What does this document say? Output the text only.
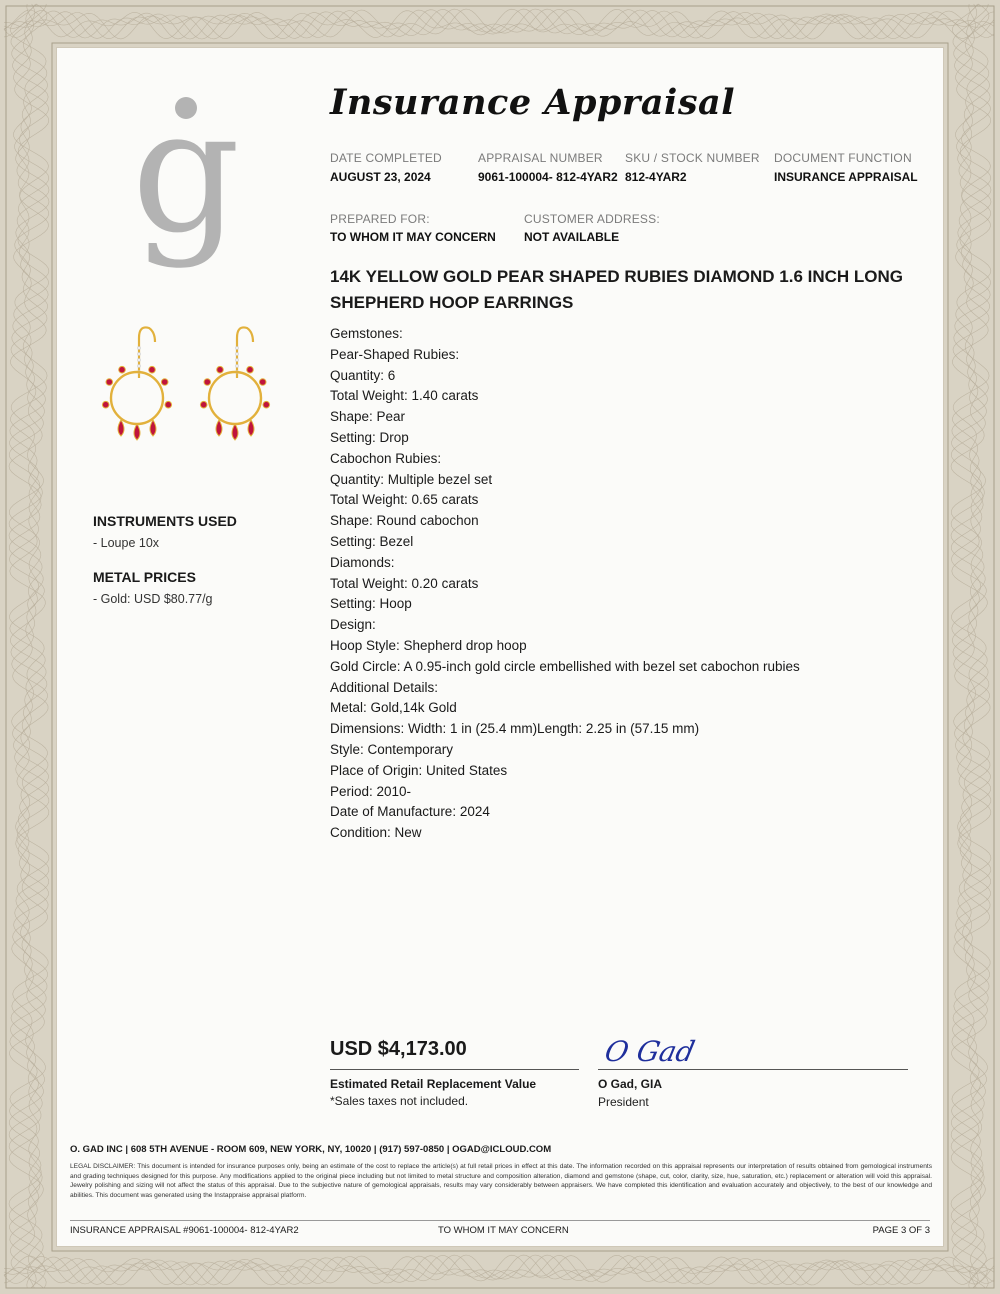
g	Insurance Appraisal
DATE COMPLETED
AUGUST 23, 2024
APPRAISAL NUMBER
9061-100004- 812-4YAR2
SKU / STOCK NUMBER
812-4YAR2
DOCUMENT FUNCTION
INSURANCE APPRAISAL
PREPARED FOR:
TO WHOM IT MAY CONCERN
CUSTOMER ADDRESS:
NOT AVAILABLE
14K YELLOW GOLD PEAR SHAPED RUBIES DIAMOND 1.6 INCH LONG SHEPHERD HOOP EARRINGS
Gemstones:
Pear-Shaped Rubies:
Quantity: 6
Total Weight: 1.40 carats
Shape: Pear
Setting: Drop
Cabochon Rubies:
Quantity: Multiple bezel set
Total Weight: 0.65 carats
Shape: Round cabochon
Setting: Bezel
Diamonds:
Total Weight: 0.20 carats
Setting: Hoop
Design:
Hoop Style: Shepherd drop hoop
Gold Circle: A 0.95-inch gold circle embellished with bezel set cabochon rubies
Additional Details:
Metal: Gold,14k Gold
Dimensions: Width: 1 in (25.4 mm)Length: 2.25 in (57.15 mm)
Style: Contemporary
Place of Origin: United States
Period: 2010-
Date of Manufacture: 2024
Condition: New
INSTRUMENTS USED
- Loupe 10x
METAL PRICES
- Gold: USD $80.77/g
USD $4,173.00
Estimated Retail Replacement Value
*Sales taxes not included.
O Gad
O Gad, GIA
President
O. GAD INC | 608 5TH AVENUE - ROOM 609, NEW YORK, NY, 10020 | (917) 597-0850 | OGAD@ICLOUD.COM
LEGAL DISCLAIMER: This document is intended for insurance purposes only, being an estimate of the cost to replace the article(s) at full retail prices in effect at this date. The information recorded on this appraisal represents our interpretation of results obtained from gemological instruments and grading techniques designed for this purpose. Any modifications applied to the original piece including but not limited to metal structure and composition alteration, diamond and gemstone (shape, cut, color, clarity, size, hue, saturation, etc.) replacement or alteration will void this appraisal. Jewelry polishing and sizing will not affect the status of this appraisal. Due to the subjective nature of gemological appraisals, results may vary considerably between appraisers. We have completed this identification and evaluation accurately and objectively, to the best of our knowledge and abilities. This document was generated using the Instappraise appraisal platform.
INSURANCE APPRAISAL #9061-100004- 812-4YAR2	TO WHOM IT MAY CONCERN	PAGE 3 OF 3
